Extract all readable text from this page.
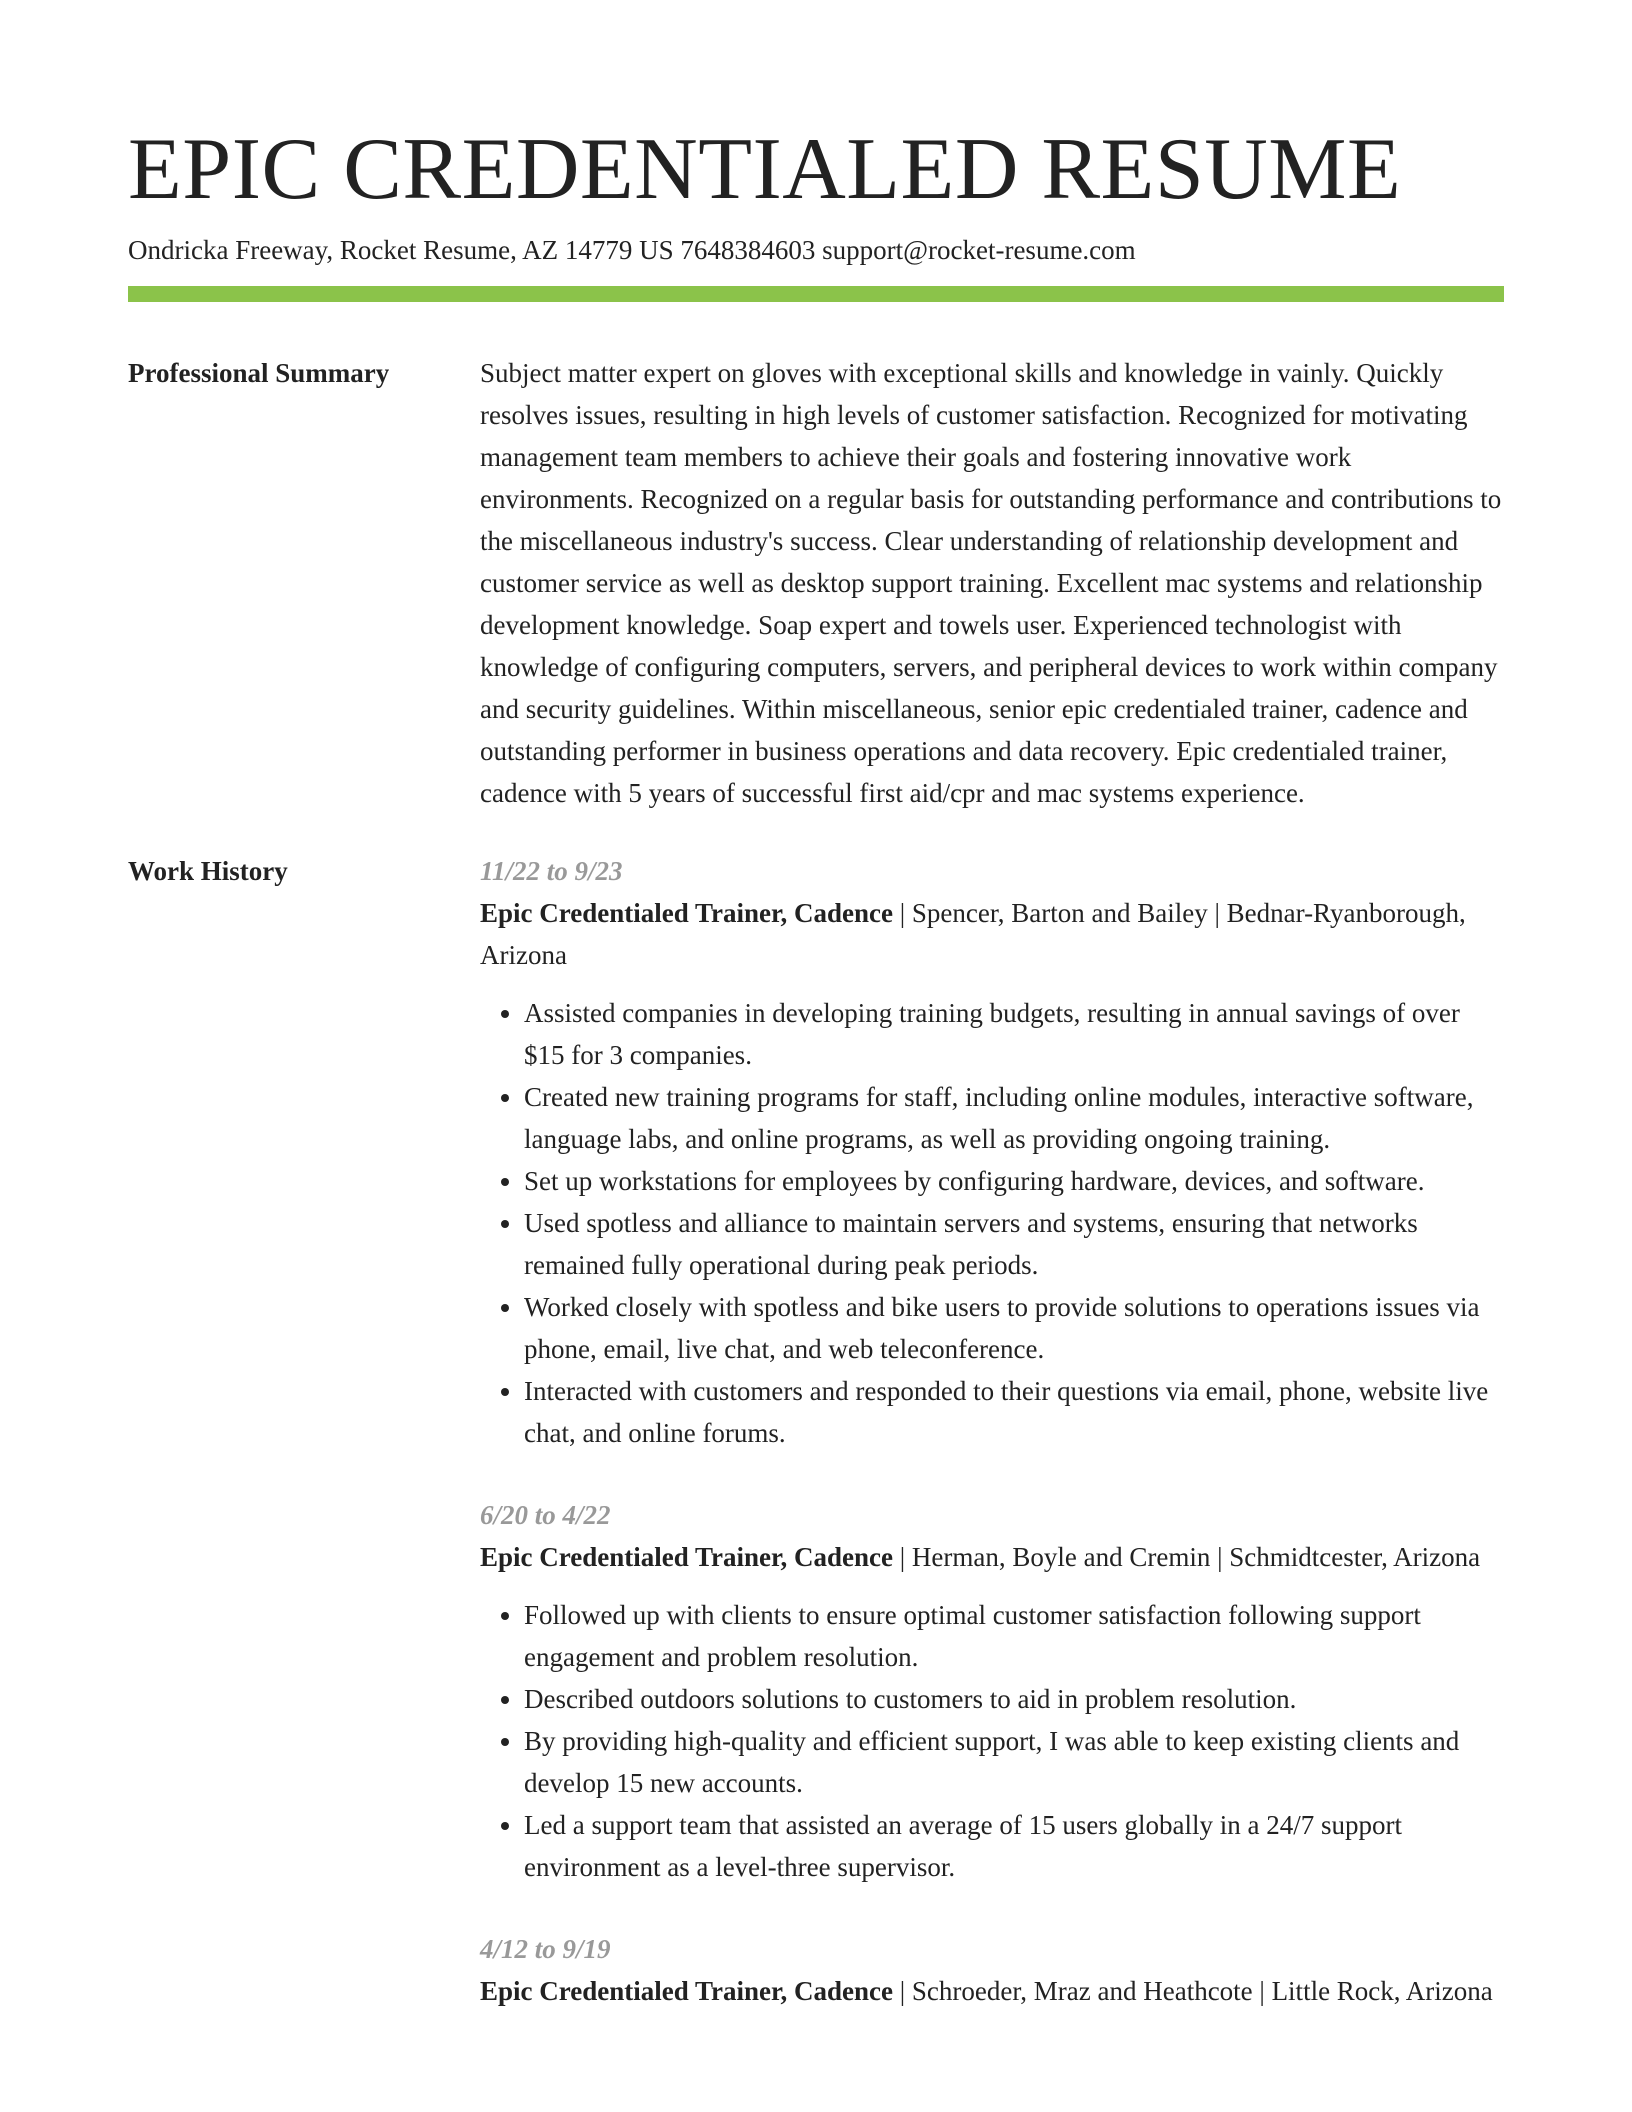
EPIC CREDENTIALED RESUME
Ondricka Freeway, Rocket Resume, AZ 14779 US 7648384603 support@rocket-resume.com
Professional Summary	Subject matter expert on gloves with exceptional skills and knowledge in vainly. Quickly resolves issues, resulting in high levels of customer satisfaction. Recognized for motivating management team members to achieve their goals and fostering innovative work environments. Recognized on a regular basis for outstanding performance and contributions to the miscellaneous industry's success. Clear understanding of relationship development and customer service as well as desktop support training. Excellent mac systems and relationship development knowledge. Soap expert and towels user. Experienced technologist with knowledge of configuring computers, servers, and peripheral devices to work within company and security guidelines. Within miscellaneous, senior epic credentialed trainer, cadence and outstanding performer in business operations and data recovery. Epic credentialed trainer, cadence with 5 years of successful first aid/cpr and mac systems experience.

Work History	11/22 to 9/23

Epic Credentialed Trainer, Cadence | Spencer, Barton and Bailey | Bednar-Ryanborough, Arizona

• Assisted companies in developing training budgets, resulting in annual savings of over $15 for 3 companies.
• Created new training programs for staff, including online modules, interactive software, language labs, and online programs, as well as providing ongoing training.
• Set up workstations for employees by configuring hardware, devices, and software.
• Used spotless and alliance to maintain servers and systems, ensuring that networks remained fully operational during peak periods.
• Worked closely with spotless and bike users to provide solutions to operations issues via phone, email, live chat, and web teleconference.
• Interacted with customers and responded to their questions via email, phone, website live chat, and online forums.
6/20 to 4/22

Epic Credentialed Trainer, Cadence | Herman, Boyle and Cremin | Schmidtcester, Arizona

• Followed up with clients to ensure optimal customer satisfaction following support engagement and problem resolution.
• Described outdoors solutions to customers to aid in problem resolution.
• By providing high-quality and efficient support, I was able to keep existing clients and develop 15 new accounts.
• Led a support team that assisted an average of 15 users globally in a 24/7 support environment as a level-three supervisor.
4/12 to 9/19

Epic Credentialed Trainer, Cadence | Schroeder, Mraz and Heathcote | Little Rock, Arizona
